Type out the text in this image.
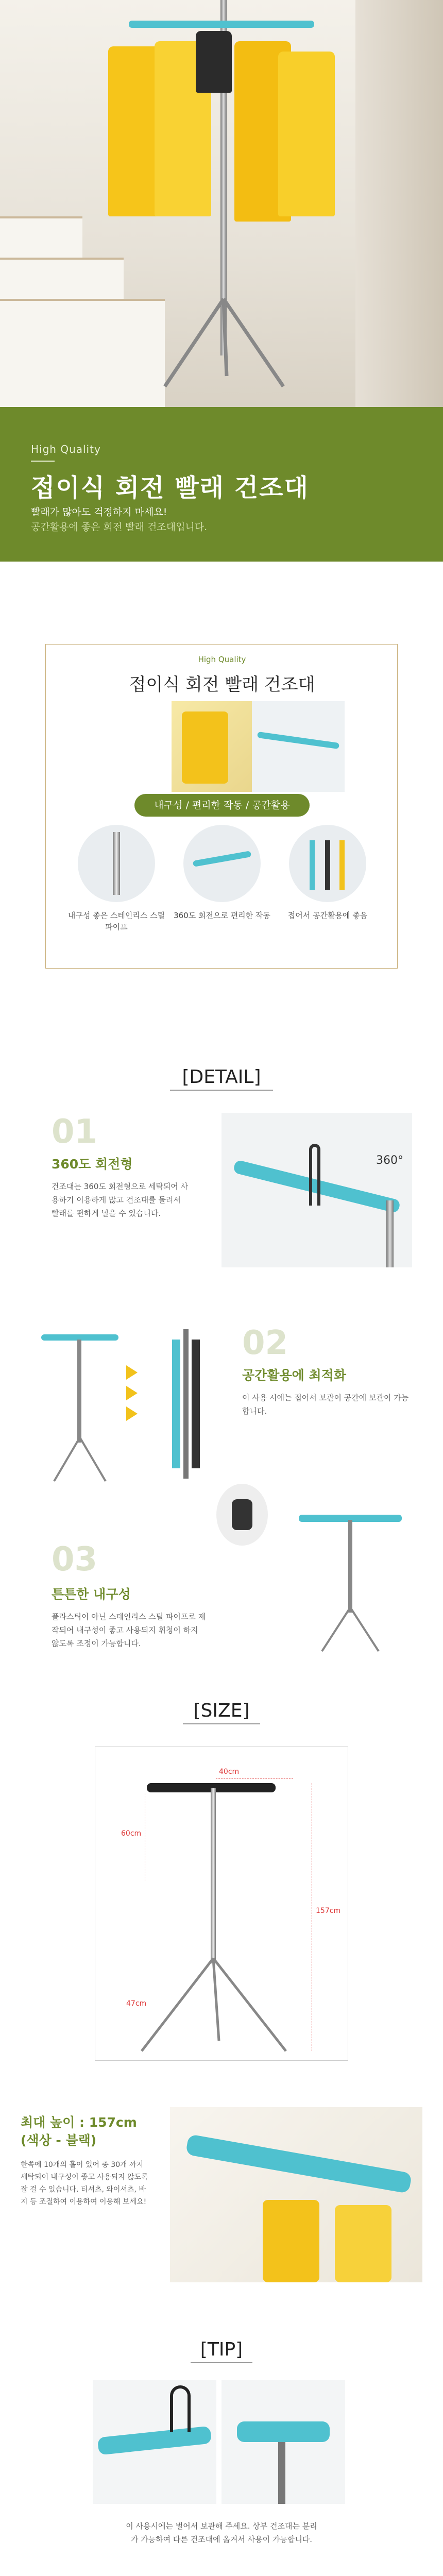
High Quality
접이식 회전 빨래 건조대
빨래가 많아도 걱정하지 마세요!
공간활용에 좋은 회전 빨래 건조대입니다.
High Quality
접이식 회전 빨래 건조대
내구성 / 편리한 작동 / 공간활용
내구성 좋은 스테인리스 스틸파이프
360도 회전으로 편리한 작동	접어서 공간활용에 좋음
[DETAIL]
01
360도 회전형
건조대는 360도 회전형으로 세탁되어 사용하기 이용하게 많고 건조대를 돌려서 빨래를 편하게 널을 수 있습니다.
360°
02
공간활용에 최적화
이 사용 시에는 접어서 보관이 공간에 보관이 가능합니다.
03
튼튼한 내구성
플라스틱이 아닌 스테인리스 스틸 파이프로 제작되어 내구성이 좋고 사용되지 휘청이 하지 않도록 조정이 가능합니다.
[SIZE]
40cm
60cm
157cm
47cm
최대 높이 : 157cm
(색상 - 블랙)
한쪽에 10개의 홀이 있어 총 30개 까지 세탁되어 내구성이 좋고 사용되지 않도록 잘 걸 수 있습니다. 티셔츠, 와이셔츠, 바지 등 조절하여 이용하여 이용해 보세요!
[TIP]
이 사용시에는 벌어서 보관해 주세요. 상부 건조대는 분리가 가능하여 다른 건조대에 옮겨서 사용이 가능합니다.
